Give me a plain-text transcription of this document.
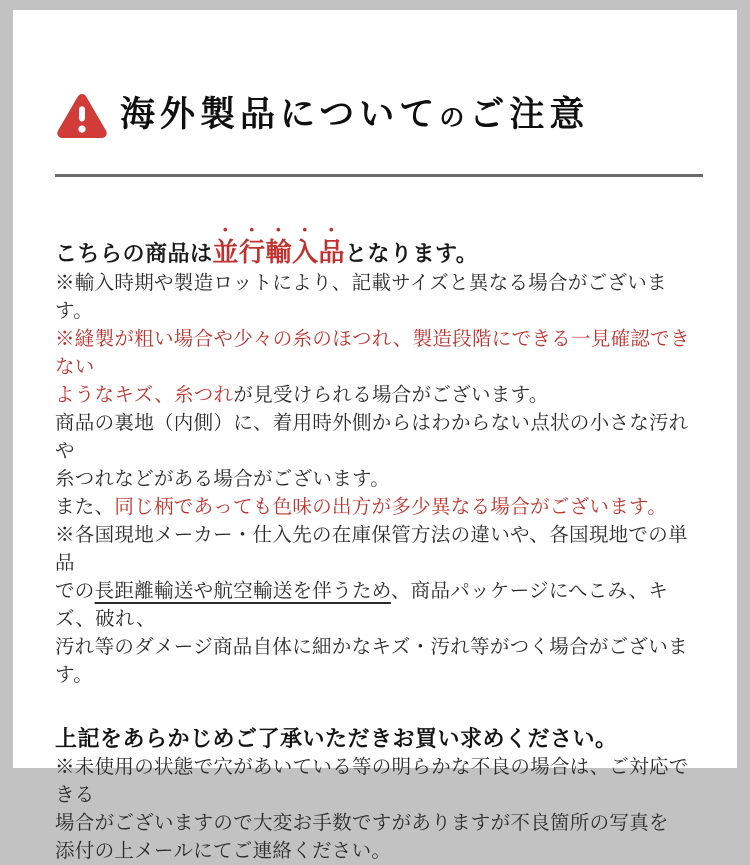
海外製品についてのご注意

こちらの商品は並行輸入品となります。

※輸入時期や製造ロットにより、記載サイズと異なる場合がございます。

※縫製が粗い場合や少々の糸のほつれ、製造段階にできる一見確認できない
ようなキズ、糸つれが見受けられる場合がございます。
商品の裏地（内側）に、着用時外側からはわからない点状の小さな汚れや
糸つれなどがある場合がございます。
また、同じ柄であっても色味の出方が多少異なる場合がございます。

※各国現地メーカー・仕入先の在庫保管方法の違いや、各国現地での単品
での長距離輸送や航空輸送を伴うため、商品パッケージにへこみ、キズ、破れ、
汚れ等のダメージ商品自体に細かなキズ・汚れ等がつく場合がございます。

上記をあらかじめご了承いただきお買い求めください。

※未使用の状態で穴があいている等の明らかな不良の場合は、ご対応できる
場合がございますので大変お手数ですがありますが不良箇所の写真を
添付の上メールにてご連絡ください。
